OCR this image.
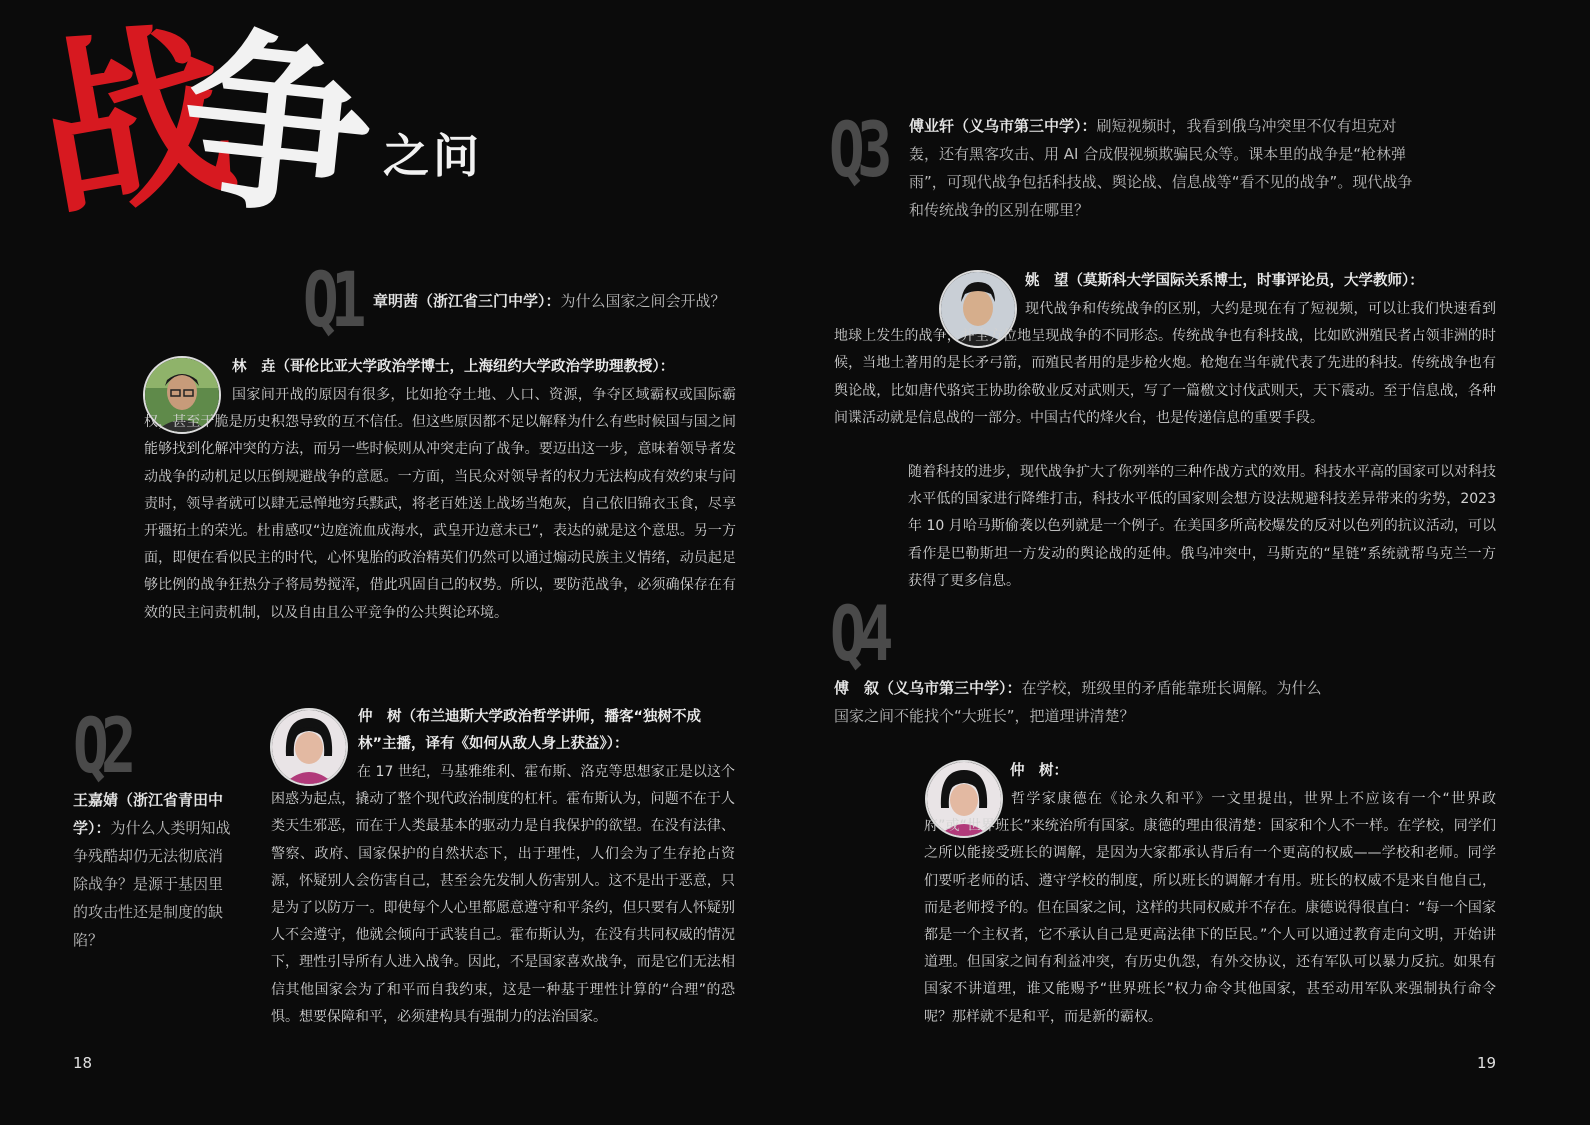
战争 之问
Q1 章明茜（浙江省三门中学）：为什么国家之间会开战？
林　垚（哥伦比亚大学政治学博士，上海纽约大学政治学助理教授）：

国家间开战的原因有很多，比如抢夺土地、人口、资源，争夺区域霸权或国际霸权，甚至干脆是历史积怨导致的互不信任。但这些原因都不足以解释为什么有些时候国与国之间能够找到化解冲突的方法，而另一些时候则从冲突走向了战争。要迈出这一步，意味着领导者发动战争的动机足以压倒规避战争的意愿。一方面，当民众对领导者的权力无法构成有效约束与问责时，领导者就可以肆无忌惮地穷兵黩武，将老百姓送上战场当炮灰，自己依旧锦衣玉食，尽享开疆拓土的荣光。杜甫感叹“边庭流血成海水，武皇开边意未已”，表达的就是这个意思。另一方面，即便在看似民主的时代，心怀鬼胎的政治精英们仍然可以通过煽动民族主义情绪，动员起足够比例的战争狂热分子将局势搅浑，借此巩固自己的权势。所以，要防范战争，必须确保存在有效的民主问责机制，以及自由且公平竞争的公共舆论环境。

Q2
王嘉婧（浙江省青田中学）：为什么人类明知战争残酷却仍无法彻底消除战争？是源于基因里的攻击性还是制度的缺陷？
仲　树（布兰迪斯大学政治哲学讲师，播客“独树不成林”主播，译有《如何从敌人身上获益》）：

在 17 世纪，马基雅维利、霍布斯、洛克等思想家正是以这个困惑为起点，撬动了整个现代政治制度的杠杆。霍布斯认为，问题不在于人类天生邪恶，而在于人类最基本的驱动力是自我保护的欲望。在没有法律、警察、政府、国家保护的自然状态下，出于理性，人们会为了生存抢占资源，怀疑别人会伤害自己，甚至会先发制人伤害别人。这不是出于恶意，只是为了以防万一。即使每个人心里都愿意遵守和平条约，但只要有人怀疑别人不会遵守，他就会倾向于武装自己。霍布斯认为，在没有共同权威的情况下，理性引导所有人进入战争。因此，不是国家喜欢战争，而是它们无法相信其他国家会为了和平而自我约束，这是一种基于理性计算的“合理”的恐惧。想要保障和平，必须建构具有强制力的法治国家。

Q3 傅业轩（义乌市第三中学）：刷短视频时，我看到俄乌冲突里不仅有坦克对轰，还有黑客攻击、用 AI 合成假视频欺骗民众等。课本里的战争是“枪林弹雨”，可现代战争包括科技战、舆论战、信息战等“看不见的战争”。现代战争和传统战争的区别在哪里？
姚　望（莫斯科大学国际关系博士，时事评论员，大学教师）：

现代战争和传统战争的区别，大约是现在有了短视频，可以让我们快速看到地球上发生的战争，并全方位地呈现战争的不同形态。传统战争也有科技战，比如欧洲殖民者占领非洲的时候，当地土著用的是长矛弓箭，而殖民者用的是步枪火炮。枪炮在当年就代表了先进的科技。传统战争也有舆论战，比如唐代骆宾王协助徐敬业反对武则天，写了一篇檄文讨伐武则天，天下震动。至于信息战，各种间谍活动就是信息战的一部分。中国古代的烽火台，也是传递信息的重要手段。

随着科技的进步，现代战争扩大了你列举的三种作战方式的效用。科技水平高的国家可以对科技水平低的国家进行降维打击，科技水平低的国家则会想方设法规避科技差异带来的劣势，2023 年 10 月哈马斯偷袭以色列就是一个例子。在美国多所高校爆发的反对以色列的抗议活动，可以看作是巴勒斯坦一方发动的舆论战的延伸。俄乌冲突中，马斯克的“星链”系统就帮乌克兰一方获得了更多信息。

Q4
傅　叙（义乌市第三中学）：在学校，班级里的矛盾能靠班长调解。为什么国家之间不能找个“大班长”，把道理讲清楚？
仲　树：

哲学家康德在《论永久和平》一文里提出，世界上不应该有一个“世界政府”或“世界班长”来统治所有国家。康德的理由很清楚：国家和个人不一样。在学校，同学们之所以能接受班长的调解，是因为大家都承认背后有一个更高的权威——学校和老师。同学们要听老师的话、遵守学校的制度，所以班长的调解才有用。班长的权威不是来自他自己，而是老师授予的。但在国家之间，这样的共同权威并不存在。康德说得很直白：“每一个国家都是一个主权者，它不承认自己是更高法律下的臣民。”个人可以通过教育走向文明，开始讲道理。但国家之间有利益冲突，有历史仇怨，有外交协议，还有军队可以暴力反抗。如果有国家不讲道理，谁又能赐予“世界班长”权力命令其他国家，甚至动用军队来强制执行命令呢？那样就不是和平，而是新的霸权。

18	19
